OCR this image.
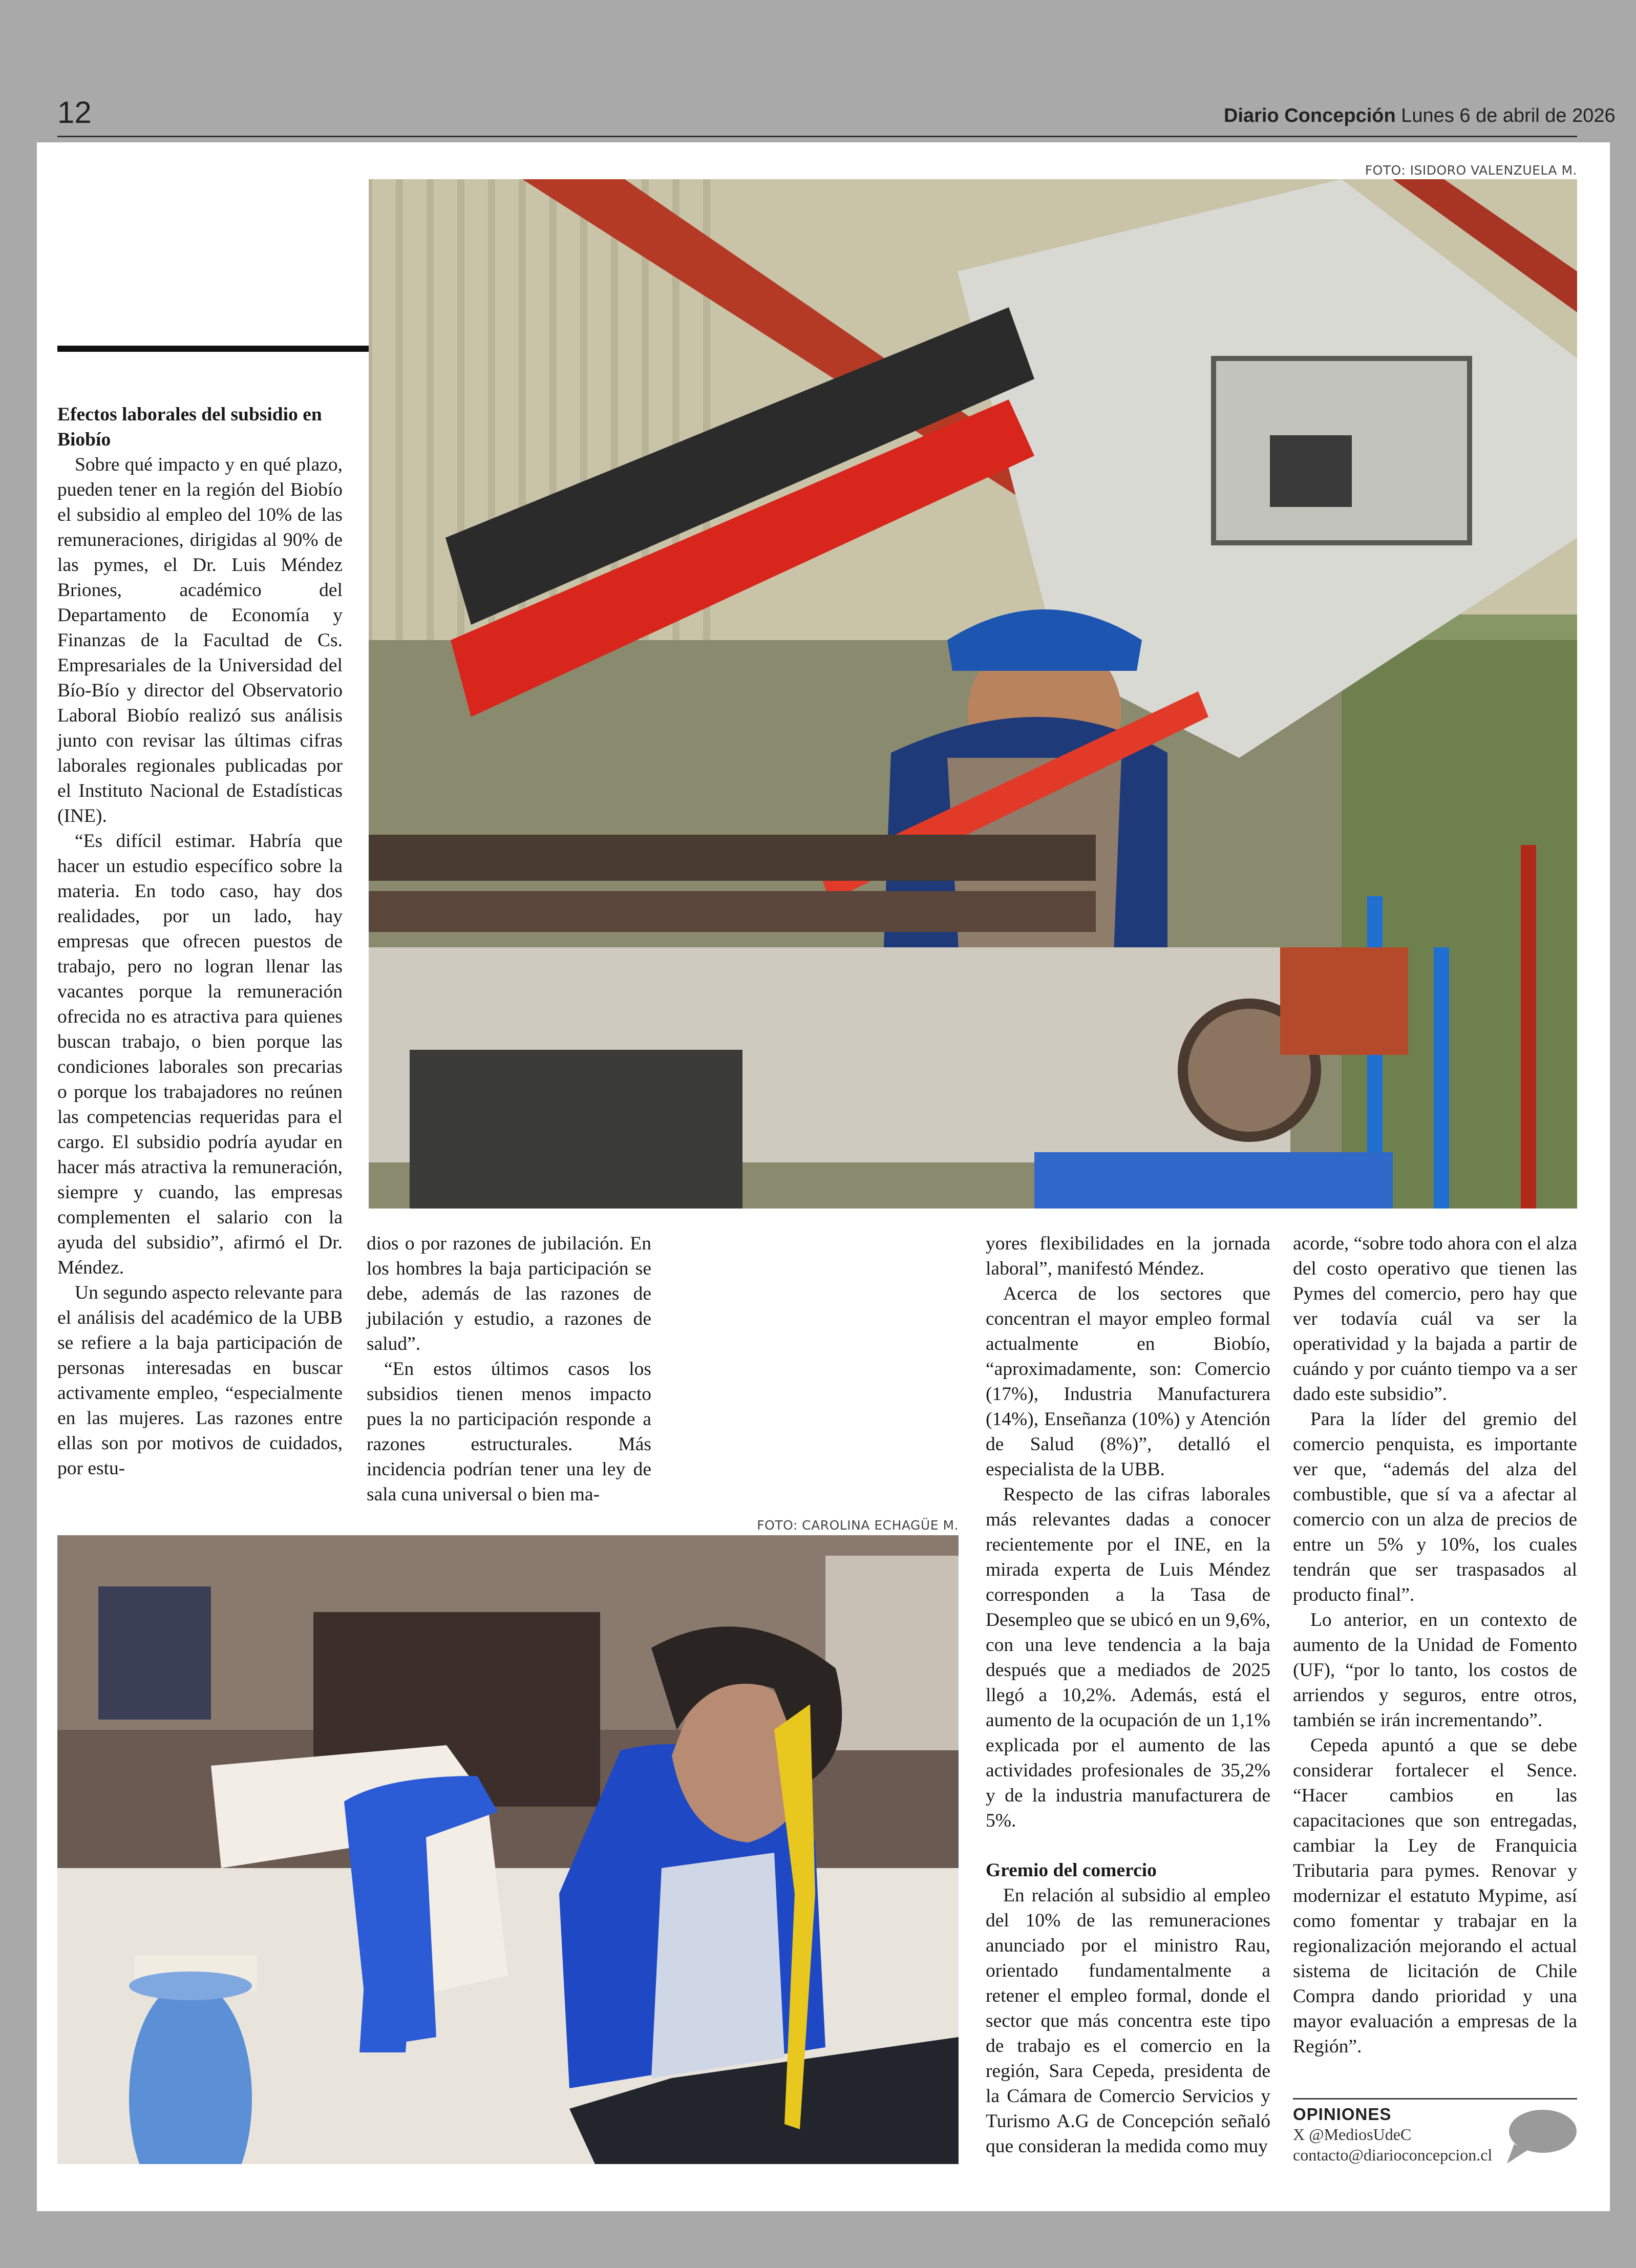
12	Diario Concepción Lunes 6 de abril de 2026
FOTO: ISIDORO VALENZUELA M.
FOTO: CAROLINA ECHAGÜE M.
Efectos laborales del subsidio en Biobío

Sobre qué impacto y en qué plazo, pueden tener en la región del Biobío el subsidio al empleo del 10% de las remuneraciones, dirigidas al 90% de las pymes, el Dr. Luis Méndez Briones, académico del Departamento de Economía y Finanzas de la Facultad de Cs. Empresariales de la Universidad del Bío-Bío y director del Observatorio Laboral Biobío realizó sus análisis junto con revisar las últimas cifras laborales regionales publicadas por el Instituto Nacional de Estadísticas (INE).

“Es difícil estimar. Habría que hacer un estudio específico sobre la materia. En todo caso, hay dos realidades, por un lado, hay empresas que ofrecen puestos de trabajo, pero no logran llenar las vacantes porque la remuneración ofrecida no es atractiva para quienes buscan trabajo, o bien porque las condiciones laborales son precarias o porque los trabajadores no reúnen las competencias requeridas para el cargo. El subsidio podría ayudar en hacer más atractiva la remuneración, siempre y cuando, las empresas complementen el salario con la ayuda del subsidio”, afirmó el Dr. Méndez.

Un segundo aspecto relevante para el análisis del académico de la UBB se refiere a la baja participación de personas interesadas en buscar activamente empleo, “especialmente en las mujeres. Las razones entre ellas son por motivos de cuidados, por estu-

dios o por razones de jubilación. En los hombres la baja participación se debe, además de las razones de jubilación y estudio, a razones de salud”.

“En estos últimos casos los subsidios tienen menos impacto pues la no participación responde a razones estructurales. Más incidencia podrían tener una ley de sala cuna universal o bien ma-

yores flexibilidades en la jornada laboral”, manifestó Méndez.

Acerca de los sectores que concentran el mayor empleo formal actualmente en Biobío, “aproximadamente, son: Comercio (17%), Industria Manufacturera (14%), Enseñanza (10%) y Atención de Salud (8%)”, detalló el especialista de la UBB.

Respecto de las cifras laborales más relevantes dadas a conocer recientemente por el INE, en la mirada experta de Luis Méndez corresponden a la Tasa de Desempleo que se ubicó en un 9,6%, con una leve tendencia a la baja después que a mediados de 2025 llegó a 10,2%. Además, está el aumento de la ocupación de un 1,1% explicada por el aumento de las actividades profesionales de 35,2% y de la industria manufacturera de 5%.

Gremio del comercio

En relación al subsidio al empleo del 10% de las remuneraciones anunciado por el ministro Rau, orientado fundamentalmente a retener el empleo formal, donde el sector que más concentra este tipo de trabajo es el comercio en la región, Sara Cepeda, presidenta de la Cámara de Comercio Servicios y Turismo A.G de Concepción señaló que consideran la medida como muy

acorde, “sobre todo ahora con el alza del costo operativo que tienen las Pymes del comercio, pero hay que ver todavía cuál va ser la operatividad y la bajada a partir de cuándo y por cuánto tiempo va a ser dado este subsidio”.

Para la líder del gremio del comercio penquista, es importante ver que, “además del alza del combustible, que sí va a afectar al comercio con un alza de precios de entre un 5% y 10%, los cuales tendrán que ser traspasados al producto final”.

Lo anterior, en un contexto de aumento de la Unidad de Fomento (UF), “por lo tanto, los costos de arriendos y seguros, entre otros, también se irán incrementando”.

Cepeda apuntó a que se debe considerar fortalecer el Sence. “Hacer cambios en las capacitaciones que son entregadas, cambiar la Ley de Franquicia Tributaria para pymes. Renovar y modernizar el estatuto Mypime, así como fomentar y trabajar en la regionalización mejorando el actual sistema de licitación de Chile Compra dando prioridad y una mayor evaluación a empresas de la Región”.

OPINIONES
X @MediosUdeC
contacto@diarioconcepcion.cl
